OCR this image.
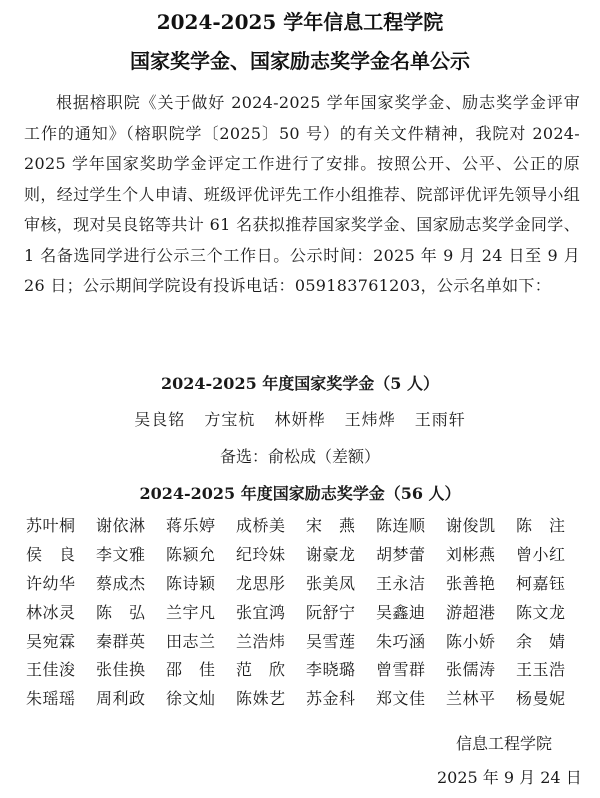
2024-2025 学年信息工程学院
国家奖学金、国家励志奖学金名单公示

根据榕职院《关于做好 2024-2025 学年国家奖学金、励志奖学金评审工作的通知》（榕职院学〔2025〕50 号）的有关文件精神，我院对 2024-2025 学年国家奖助学金评定工作进行了安排。按照公开、公平、公正的原则，经过学生个人申请、班级评优评先工作小组推荐、院部评优评先领导小组审核，现对吴良铭等共计 61 名获拟推荐国家奖学金、国家励志奖学金同学、1 名备选同学进行公示三个工作日。公示时间：2025 年 9 月 24 日至 9 月 26 日；公示期间学院设有投诉电话：059183761203，公示名单如下：

2024-2025 年度国家奖学金（5 人）
吴良铭 方宝杭 林妍桦 王炜烨 王雨轩
备选：俞松成（差额）
2024-2025 年度国家励志奖学金（56 人）
苏叶桐	谢依淋	蒋乐婷	成桥美	宋　燕	陈连顺	谢俊凯	陈　注
侯　良	李文雅	陈颍允	纪玲妹	谢豪龙	胡梦蕾	刘彬燕	曾小红
许幼华	蔡成杰	陈诗颖	龙思彤	张美凤	王永洁	张善艳	柯嘉钰
林冰灵	陈　弘	兰宇凡	张宜鸿	阮舒宁	吴鑫迪	游超港	陈文龙
吴宛霖	秦群英	田志兰	兰浩炜	吴雪莲	朱巧涵	陈小娇	余　婧
王佳浚	张佳换	邵　佳	范　欣	李晓璐	曾雪群	张儒涛	王玉浩
朱瑶瑶	周利政	徐文灿	陈姝艺	苏金科	郑文佳	兰林平	杨曼妮
信息工程学院
2025 年 9 月 24 日
